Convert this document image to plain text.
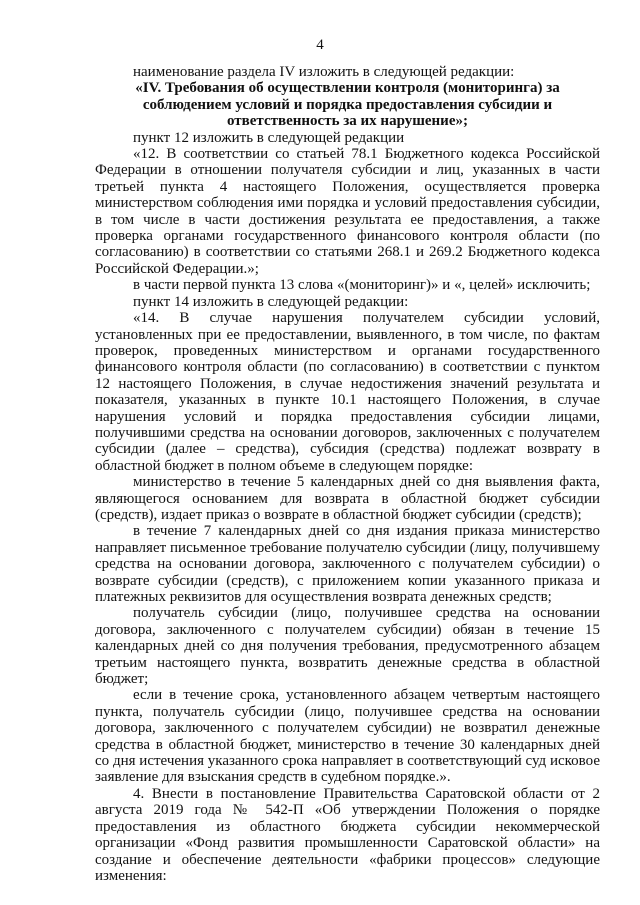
4

наименование раздела IV изложить в следующей редакции:

«IV. Требования об осуществлении контроля (мониторинга) за соблюдением условий и порядка предоставления субсидии и ответственность за их нарушение»;

пункт 12 изложить в следующей редакции

«12. В соответствии со статьей 78.1 Бюджетного кодекса Российской Федерации в отношении получателя субсидии и лиц, указанных в части третьей пункта 4 настоящего Положения, осуществляется проверка министерством соблюдения ими порядка и условий предоставления субсидии, в том числе в части достижения результата ее предоставления, а также проверка органами государственного финансового контроля области (по согласованию) в соответствии со статьями 268.1 и 269.2 Бюджетного кодекса Российской Федерации.»;

в части первой пункта 13 слова «(мониторинг)» и «, целей» исключить;

пункт 14 изложить в следующей редакции:

«14. В случае нарушения получателем субсидии условий, установленных при ее предоставлении, выявленного, в том числе, по фактам проверок, проведенных министерством и органами государственного финансового контроля области (по согласованию) в соответствии с пунктом 12 настоящего Положения, в случае недостижения значений результата и показателя, указанных в пункте 10.1 настоящего Положения, в случае нарушения условий и порядка предоставления субсидии лицами, получившими средства на основании договоров, заключенных с получателем субсидии (далее – средства), субсидия (средства) подлежат возврату в областной бюджет в полном объеме в следующем порядке:

министерство в течение 5 календарных дней со дня выявления факта, являющегося основанием для возврата в областной бюджет субсидии (средств), издает приказ о возврате в областной бюджет субсидии (средств);

в течение 7 календарных дней со дня издания приказа министерство направляет письменное требование получателю субсидии (лицу, получившему средства на основании договора, заключенного с получателем субсидии) о возврате субсидии (средств), с приложением копии указанного приказа и платежных реквизитов для осуществления возврата денежных средств;

получатель субсидии (лицо, получившее средства на основании договора, заключенного с получателем субсидии) обязан в течение 15 календарных дней со дня получения требования, предусмотренного абзацем третьим настоящего пункта, возвратить денежные средства в областной бюджет;

если в течение срока, установленного абзацем четвертым настоящего пункта, получатель субсидии (лицо, получившее средства на основании договора, заключенного с получателем субсидии) не возвратил денежные средства в областной бюджет, министерство в течение 30 календарных дней со дня истечения указанного срока направляет в соответствующий суд исковое заявление для взыскания средств в судебном порядке.».

4. Внести в постановление Правительства Саратовской области от 2 августа 2019 года № 542-П «Об утверждении Положения о порядке предоставления из областного бюджета субсидии некоммерческой организации «Фонд развития промышленности Саратовской области» на создание и обеспечение деятельности «фабрики процессов» следующие изменения:
